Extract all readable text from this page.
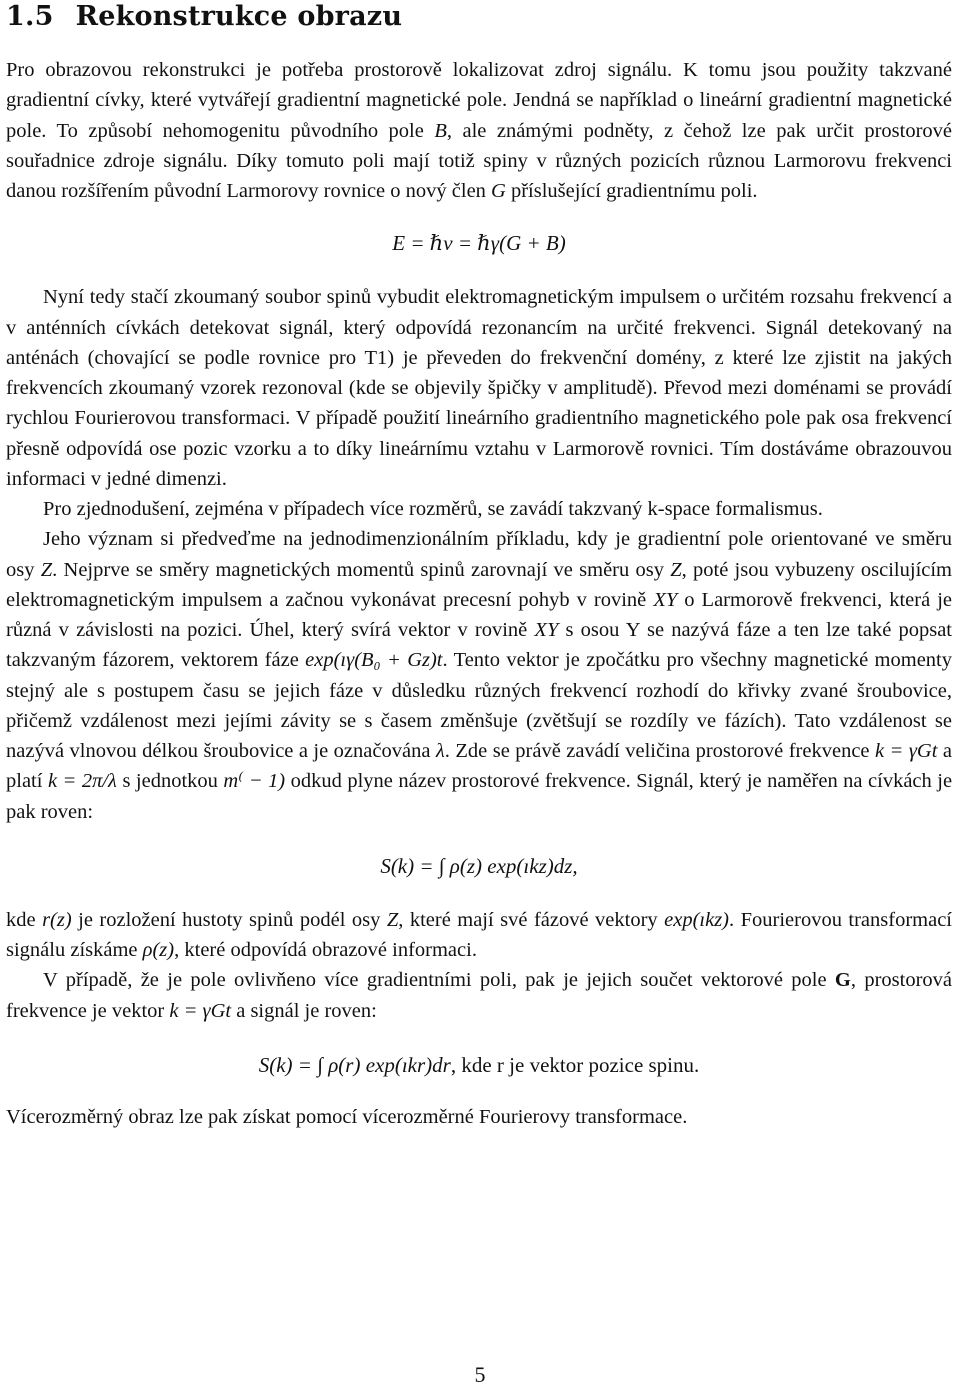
1.5 Rekonstrukce obrazu

Pro obrazovou rekonstrukci je potřeba prostorově lokalizovat zdroj signálu. K tomu jsou použity takzvané gradientní cívky, které vytvářejí gradientní magnetické pole. Jendná se například o lineární gradientní magnetické pole. To způsobí nehomogenitu původního pole B, ale známými podněty, z čehož lze pak určit prostorové souřadnice zdroje signálu. Díky tomuto poli mají totiž spiny v různých pozicích různou Larmorovu frekvenci danou rozšířením původní Larmorovy rovnice o nový člen G příslušející gradientnímu poli.

E = ℏν = ℏγ(G + B)

Nyní tedy stačí zkoumaný soubor spinů vybudit elektromagnetickým impulsem o určitém rozsahu frekvencí a v anténních cívkách detekovat signál, který odpovídá rezonancím na určité frekvenci. Signál detekovaný na anténách (chovající se podle rovnice pro T1) je převeden do frekvenční domény, z které lze zjistit na jakých frekvencích zkoumaný vzorek rezonoval (kde se objevily špičky v amplitudě). Převod mezi doménami se provádí rychlou Fourierovou transformaci. V případě použití lineárního gradientního magnetického pole pak osa frekvencí přesně odpovídá ose pozic vzorku a to díky lineárnímu vztahu v Larmorově rovnici. Tím dostáváme obrazouvou informaci v jedné dimenzi.

Pro zjednodušení, zejména v případech více rozměrů, se zavádí takzvaný k-space formalismus.

Jeho význam si předveďme na jednodimenzionálním příkladu, kdy je gradientní pole orientované ve směru osy Z. Nejprve se směry magnetických momentů spinů zarovnají ve směru osy Z, poté jsou vybuzeny oscilujícím elektromagnetickým impulsem a začnou vykonávat precesní pohyb v rovině XY o Larmorově frekvenci, která je různá v závislosti na pozici. Úhel, který svírá vektor v rovině XY s osou Y se nazývá fáze a ten lze také popsat takzvaným fázorem, vektorem fáze exp(ıγ(B₀ + Gz)t. Tento vektor je zpočátku pro všechny magnetické momenty stejný ale s postupem času se jejich fáze v důsledku různých frekvencí rozhodí do křivky zvané šroubovice, přičemž vzdálenost mezi jejími závity se s časem změnšuje (zvětšují se rozdíly ve fázích). Tato vzdálenost se nazývá vlnovou délkou šroubovice a je označována λ. Zde se právě zavádí veličina prostorové frekvence k = γGt a platí k = 2π/λ s jednotkou m⁽ − 1) odkud plyne název prostorové frekvence. Signál, který je naměřen na cívkách je pak roven:

S(k) = ∫ ρ(z) exp(ıkz)dz,

kde r(z) je rozložení hustoty spinů podél osy Z, které mají své fázové vektory exp(ıkz). Fourierovou transformací signálu získáme ρ(z), které odpovídá obrazové informaci.

V případě, že je pole ovlivňeno více gradientními poli, pak je jejich součet vektorové pole G, prostorová frekvence je vektor k = γGt a signál je roven:

S(k) = ∫ ρ(r) exp(ıkr)dr, kde r je vektor pozice spinu.

Vícerozměrný obraz lze pak získat pomocí vícerozměrné Fourierovy transformace.

5
